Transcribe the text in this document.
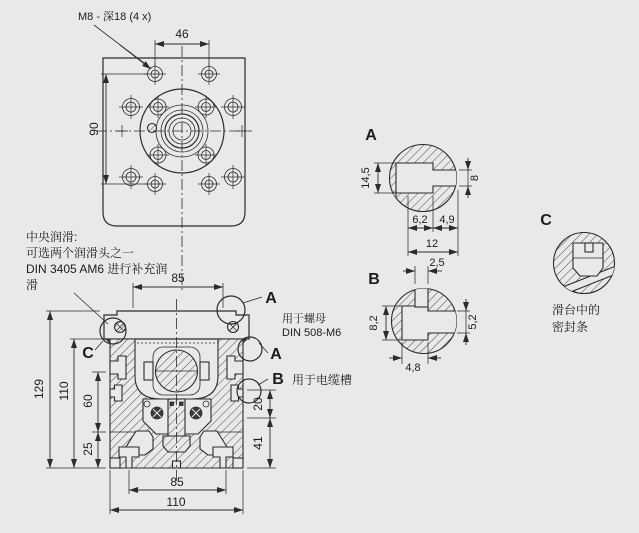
46
90
M8 - 深18 (4 x)
中央润滑:
可选两个润滑头之一
DIN 3405 AM6 进行补充润
滑	85
129 110
60
25
20
41
85
110
A
用于螺母
DIN 508-M6
A
B 用于电缆槽
C
A
14,5	8
6,2 4,9
12
B
2,5
8,2	5,2
4,8
C
滑台中的
密封条
